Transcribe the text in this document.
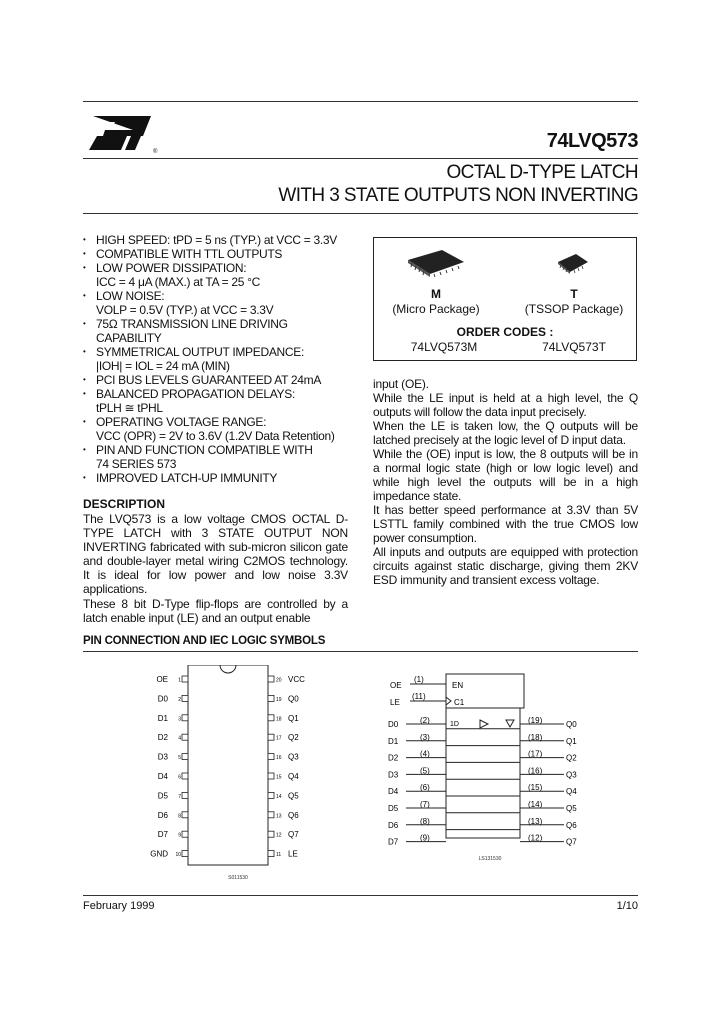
®	74LVQ573
OCTAL D-TYPE LATCH
WITH 3 STATE OUTPUTS NON INVERTING
• HIGH SPEED: tPD = 5 ns (TYP.) at VCC = 3.3V
• COMPATIBLE WITH TTL OUTPUTS
• LOW POWER DISSIPATION:
ICC = 4 μA (MAX.) at TA = 25 °C
• LOW NOISE:
VOLP = 0.5V (TYP.) at VCC = 3.3V
• 75Ω TRANSMISSION LINE DRIVING
CAPABILITY
• SYMMETRICAL OUTPUT IMPEDANCE:
|IOH| = IOL = 24 mA (MIN)
• PCI BUS LEVELS GUARANTEED AT 24mA
• BALANCED PROPAGATION DELAYS:
tPLH ≅ tPHL
• OPERATING VOLTAGE RANGE:
VCC (OPR) = 2V to 3.6V (1.2V Data Retention)
• PIN AND FUNCTION COMPATIBLE WITH
74 SERIES 573
• IMPROVED LATCH-UP IMMUNITY
M
(Micro Package)
T
(TSSOP Package)
ORDER CODES :
74LVQ573M	74LVQ573T
DESCRIPTION
The LVQ573 is a low voltage CMOS OCTAL D-TYPE LATCH with 3 STATE OUTPUT NON INVERTING fabricated with sub-micron silicon gate and double-layer metal wiring C2MOS technology. It is ideal for low power and low noise 3.3V applications.
These 8 bit D-Type flip-flops are controlled by a latch enable input (LE) and an output enable
input (OE).
While the LE input is held at a high level, the Q outputs will follow the data input precisely.
When the LE is taken low, the Q outputs will be latched precisely at the logic level of D input data.
While the (OE) input is low, the 8 outputs will be in a normal logic state (high or low logic level) and while high level the outputs will be in a high impedance state.
It has better speed performance at 3.3V than 5V LSTTL family combined with the true CMOS low power consumption.
All inputs and outputs are equipped with protection circuits against static discharge, giving them 2KV ESD immunity and transient excess voltage.
PIN CONNECTION AND IEC LOGIC SYMBOLS
OE 1
D0 2
D1 3
D2 4
D3 5
D4 6
D5 7
D6 8
D7 9
GND 10
20 VCC
19 Q0
18 Q1
17 Q2
16 Q3
15 Q4
14 Q5
13 Q6
12 Q7
11 LE
S011530
OE
(1)
EN
LE
(11)
C1
1D
D0	(2)	(19)	Q0
D1	(3)	(18)	Q1
D2	(4)	(17)	Q2
D3	(5)	(16)	Q3
D4	(6)	(15)	Q4
D5	(7)	(14)	Q5
D6	(8)	(13)	Q6
D7	(9)	(12)	Q7
LS131530
February 1999	1/10
